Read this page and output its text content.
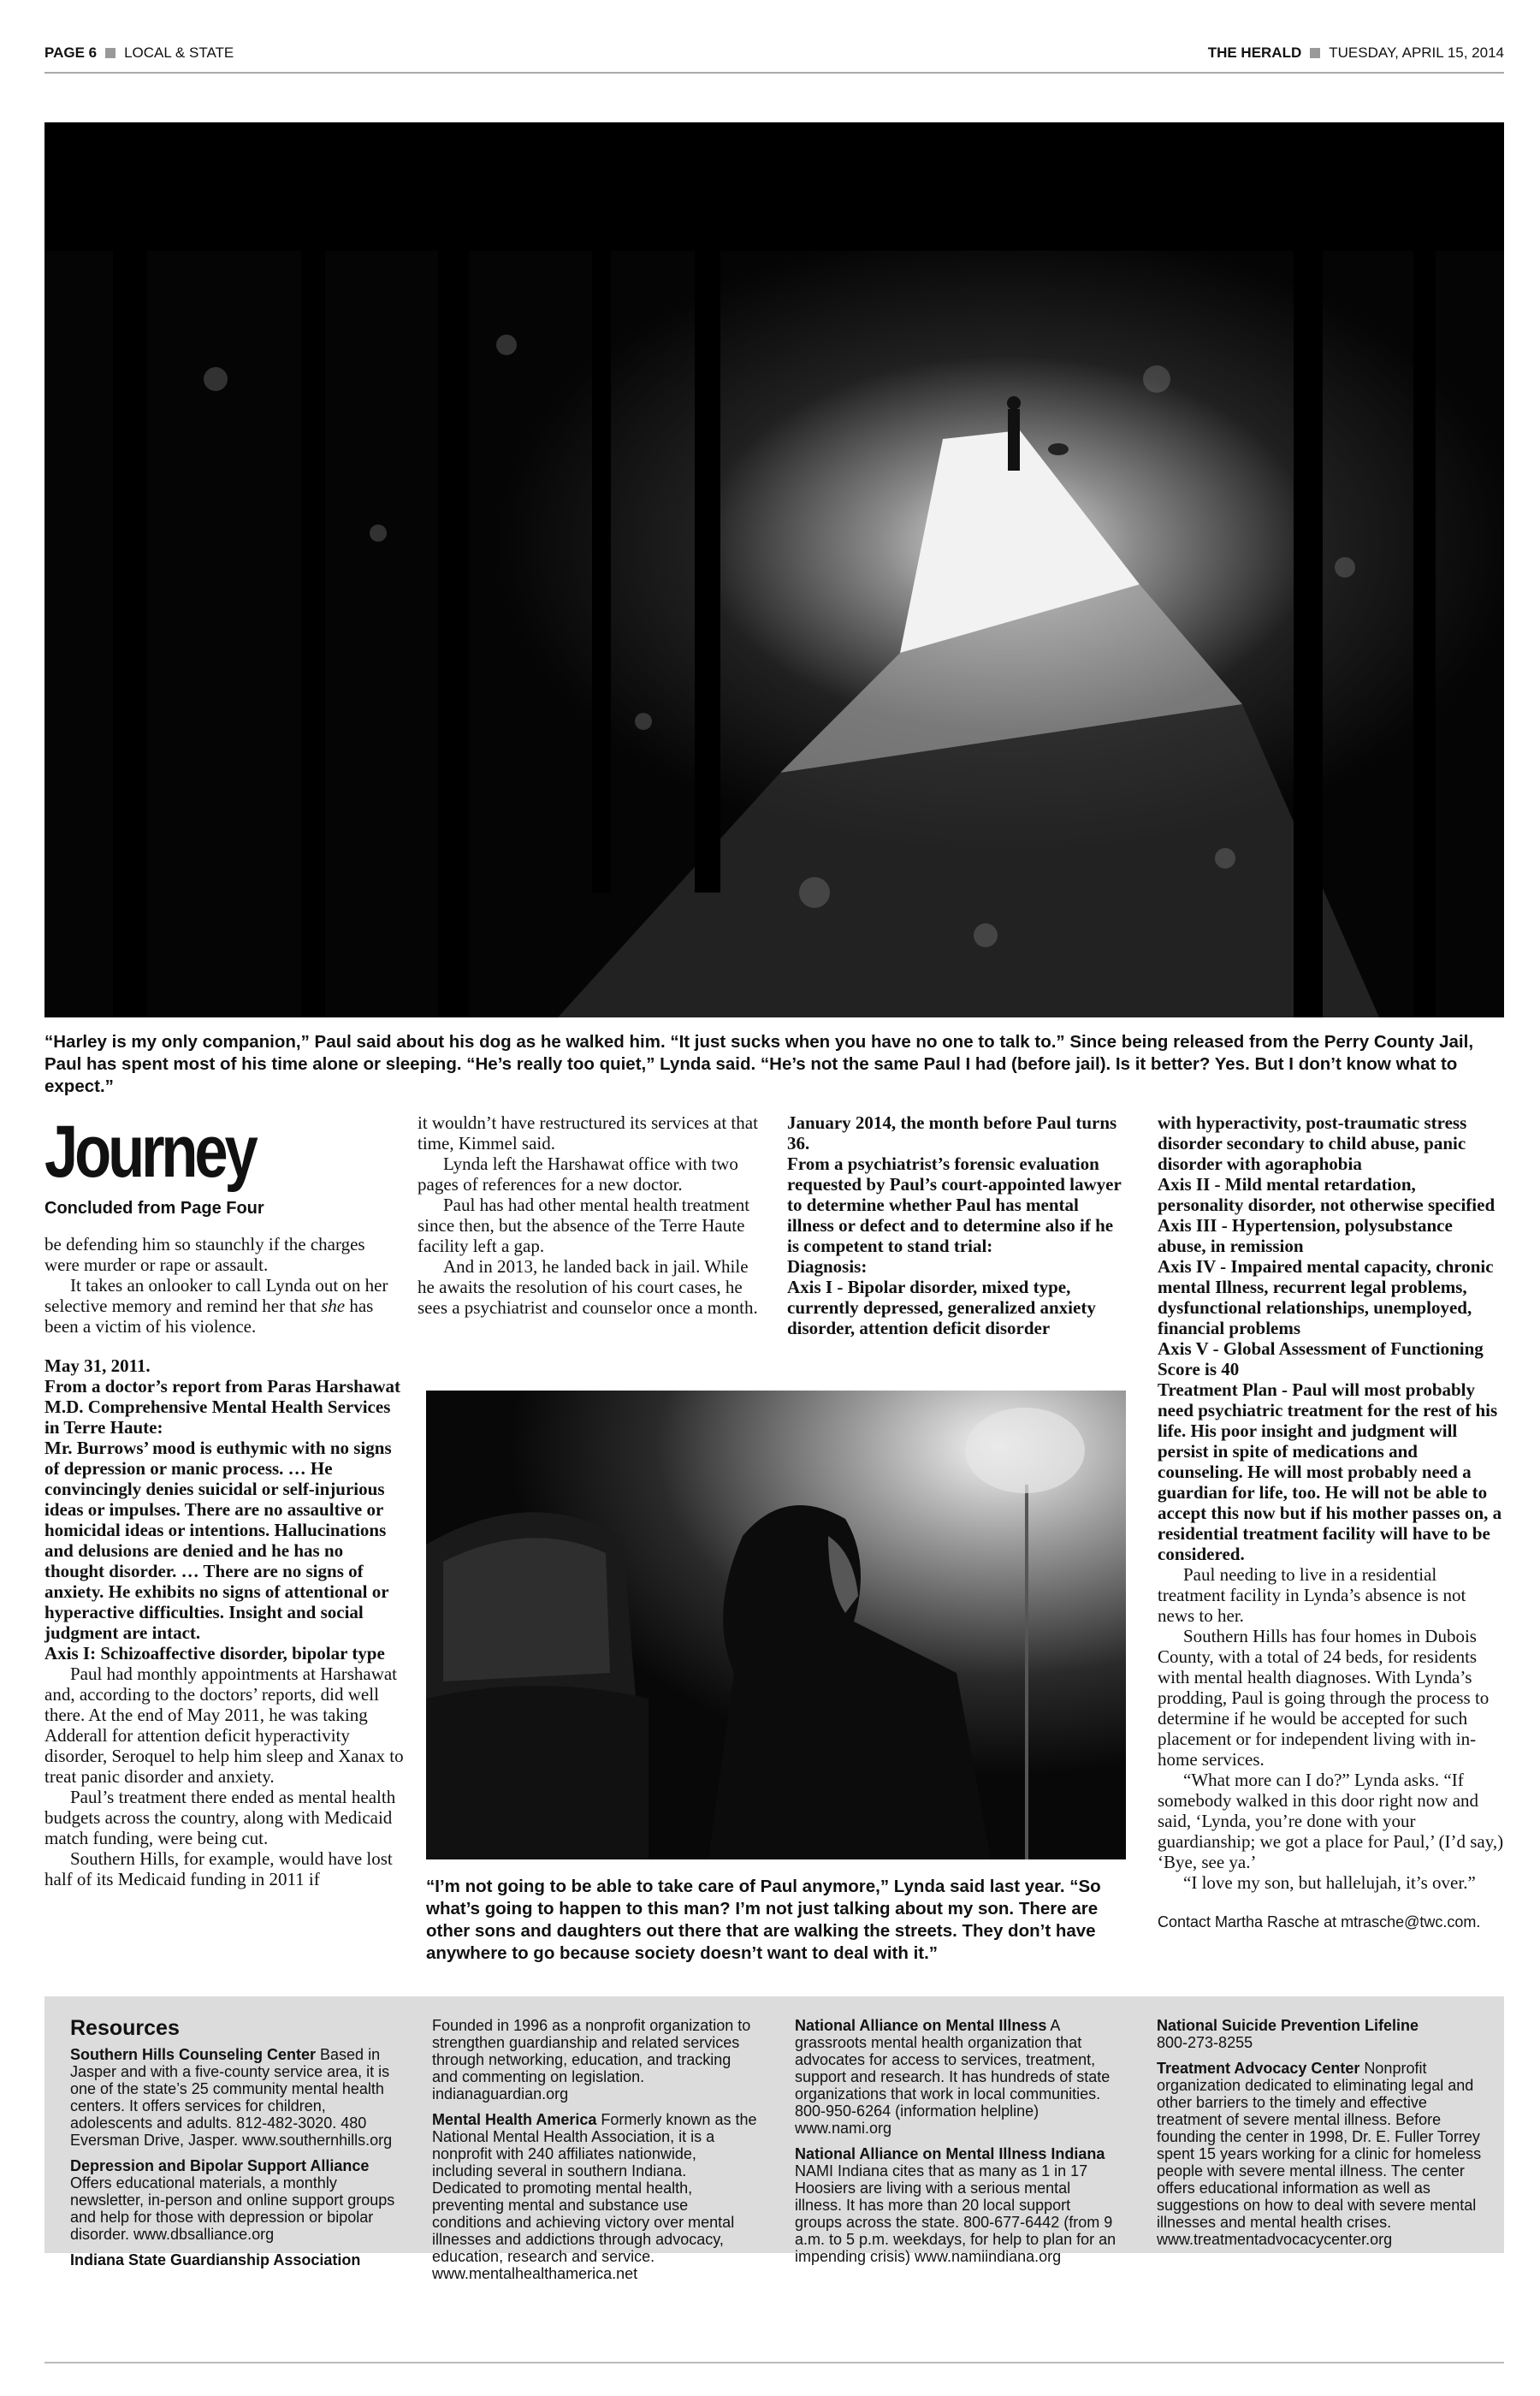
PAGE 6 LOCAL & STATE	THE HERALD TUESDAY, APRIL 15, 2014
“Harley is my only companion,” Paul said about his dog as he walked him. “It just sucks when you have no one to talk to.” Since being released from the Perry County Jail, Paul has spent most of his time alone or sleeping. “He’s really too quiet,” Lynda said. “He’s not the same Paul I had (before jail). Is it better? Yes. But I don’t know what to expect.”
Journey
Concluded from Page Four

be defending him so staunchly if the charges were murder or rape or assault.

It takes an onlooker to call Lynda out on her selective memory and remind her that she has been a victim of his violence.

May 31, 2011.
From a doctor’s report from Paras Harshawat M.D. Comprehensive Mental Health Services in Terre Haute:
Mr. Burrows’ mood is euthymic with no signs of depression or manic process. … He convincingly denies suicidal or self-injurious ideas or impulses. There are no assaultive or homicidal ideas or intentions. Hallucinations and delusions are denied and he has no thought disorder. … There are no signs of anxiety. He exhibits no signs of attentional or hyperactive difficulties. Insight and social judgment are intact.
Axis I: Schizoaffective disorder, bipolar type

Paul had monthly appointments at Harshawat and, according to the doctors’ reports, did well there. At the end of May 2011, he was taking Adderall for attention deficit hyperactivity disorder, Seroquel to help him sleep and Xanax to treat panic disorder and anxiety.

Paul’s treatment there ended as mental health budgets across the country, along with Medicaid match funding, were being cut.

Southern Hills, for example, would have lost half of its Medicaid funding in 2011 if

it wouldn’t have restructured its services at that time, Kimmel said.

Lynda left the Harshawat office with two pages of references for a new doctor.

Paul has had other mental health treatment since then, but the absence of the Terre Haute facility left a gap.

And in 2013, he landed back in jail. While he awaits the resolution of his court cases, he sees a psychiatrist and counselor once a month.

January 2014, the month before Paul turns 36.
From a psychiatrist’s forensic evaluation requested by Paul’s court-appointed lawyer to determine whether Paul has mental illness or defect and to determine also if he is competent to stand trial:
Diagnosis:
Axis I - Bipolar disorder, mixed type, currently depressed, generalized anxiety disorder, attention deficit disorder

with hyperactivity, post-traumatic stress disorder secondary to child abuse, panic disorder with agoraphobia
Axis II - Mild mental retardation, personality disorder, not otherwise specified
Axis III - Hypertension, polysubstance abuse, in remission
Axis IV - Impaired mental capacity, chronic mental Illness, recurrent legal problems, dysfunctional relationships, unemployed, financial problems
Axis V - Global Assessment of Functioning Score is 40
Treatment Plan - Paul will most probably need psychiatric treatment for the rest of his life. His poor insight and judgment will persist in spite of medications and counseling. He will most probably need a guardian for life, too. He will not be able to accept this now but if his mother passes on, a residential treatment facility will have to be considered.

Paul needing to live in a residential treatment facility in Lynda’s absence is not news to her.

Southern Hills has four homes in Dubois County, with a total of 24 beds, for residents with mental health diagnoses. With Lynda’s prodding, Paul is going through the process to determine if he would be accepted for such placement or for independent living with in-home services.

“What more can I do?” Lynda asks. “If somebody walked in this door right now and said, ‘Lynda, you’re done with your guardianship; we got a place for Paul,’ (I’d say,) ‘Bye, see ya.’

“I love my son, but hallelujah, it’s over.”

Contact Martha Rasche at mtrasche@twc.com.

“I’m not going to be able to take care of Paul anymore,” Lynda said last year. “So what’s going to happen to this man? I’m not just talking about my son. There are other sons and daughters out there that are walking the streets. They don’t have anywhere to go because society doesn’t want to deal with it.”
Resources

Southern Hills Counseling Center Based in Jasper and with a five-county service area, it is one of the state’s 25 community mental health centers. It offers services for children, adolescents and adults. 812-482-3020. 480 Eversman Drive, Jasper. www.southernhills.org

Depression and Bipolar Support Alliance
Offers educational materials, a monthly newsletter, in-person and online support groups and help for those with depression or bipolar disorder. www.dbsalliance.org

Indiana State Guardianship Association

Founded in 1996 as a nonprofit organization to strengthen guardianship and related services through networking, education, and tracking and commenting on legislation. indianaguardian.org

Mental Health America Formerly known as the National Mental Health Association, it is a nonprofit with 240 affiliates nationwide, including several in southern Indiana. Dedicated to promoting mental health, preventing mental and substance use conditions and achieving victory over mental illnesses and addictions through advocacy, education, research and service. www.mentalhealthamerica.net

National Alliance on Mental Illness A grassroots mental health organization that advocates for access to services, treatment, support and research. It has hundreds of state organizations that work in local communities. 800-950-6264 (information helpline) www.nami.org

National Alliance on Mental Illness Indiana
NAMI Indiana cites that as many as 1 in 17 Hoosiers are living with a serious mental illness. It has more than 20 local support groups across the state. 800-677-6442 (from 9 a.m. to 5 p.m. weekdays, for help to plan for an impending crisis) www.namiindiana.org

National Suicide Prevention Lifeline
800-273-8255

Treatment Advocacy Center Nonprofit organization dedicated to eliminating legal and other barriers to the timely and effective treatment of severe mental illness. Before founding the center in 1998, Dr. E. Fuller Torrey spent 15 years working for a clinic for homeless people with severe mental illness. The center offers educational information as well as suggestions on how to deal with severe mental illnesses and mental health crises. www.treatmentadvocacycenter.org
